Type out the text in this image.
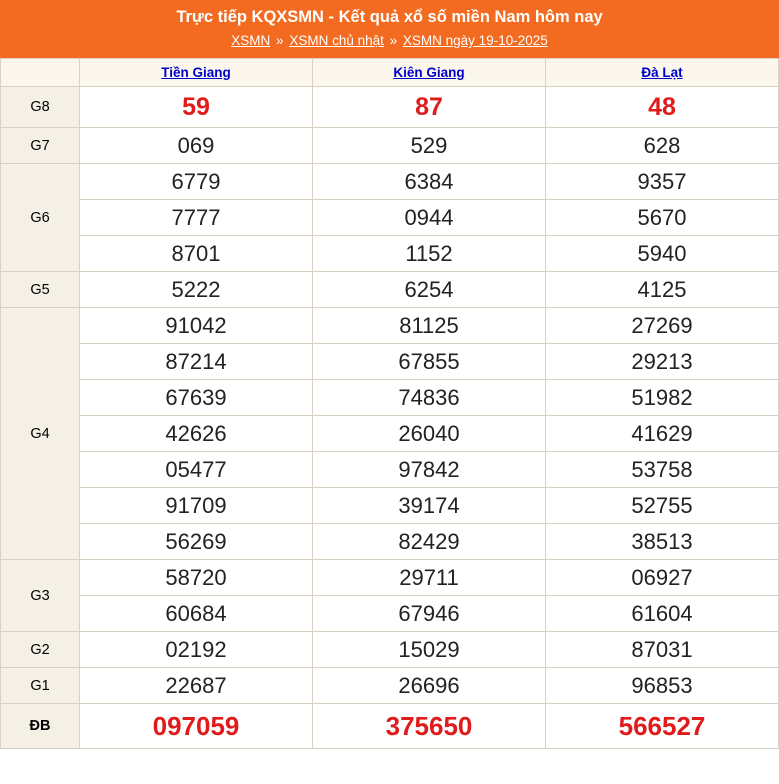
Trực tiếp KQXSMN - Kết quả xổ số miền Nam hôm nay
XSMN » XSMN chủ nhật » XSMN ngày 19-10-2025
	Tiền Giang	Kiên Giang	Đà Lạt
G8	59	87	48
G7	069	529	628
G6	6779	6384	9357
	7777	0944	5670
	8701	1152	5940
G5	5222	6254	4125
G4	91042	81125	27269
	87214	67855	29213
	67639	74836	51982
	42626	26040	41629
	05477	97842	53758
	91709	39174	52755
	56269	82429	38513
G3	58720	29711	06927
	60684	67946	61604
G2	02192	15029	87031
G1	22687	26696	96853
ĐB	097059	375650	566527
